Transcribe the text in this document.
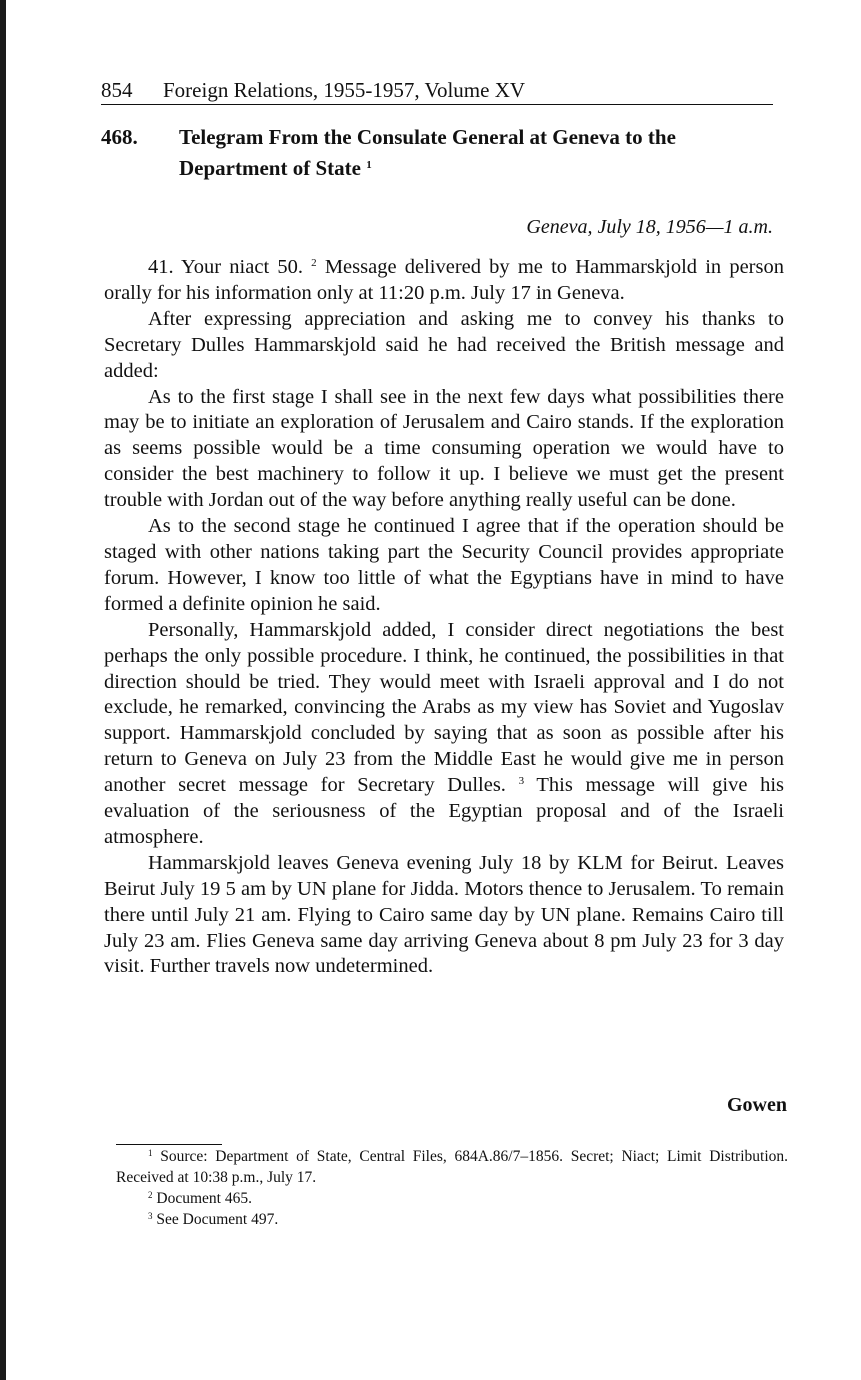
854 Foreign Relations, 1955-1957, Volume XV
468. Telegram From the Consulate General at Geneva to the Department of State $^1$
Geneva, July 18, 1956—1 a.m.

41. Your niact 50. $^2$ Message delivered by me to Hammarskjold in person orally for his information only at 11:20 p.m. July 17 in Geneva.

After expressing appreciation and asking me to convey his thanks to Secretary Dulles Hammarskjold said he had received the British message and added:

As to the first stage I shall see in the next few days what possibilities there may be to initiate an exploration of Jerusalem and Cairo stands. If the exploration as seems possible would be a time consuming operation we would have to consider the best machinery to follow it up. I believe we must get the present trouble with Jordan out of the way before anything really useful can be done.

As to the second stage he continued I agree that if the operation should be staged with other nations taking part the Security Council provides appropriate forum. However, I know too little of what the Egyptians have in mind to have formed a definite opinion he said.

Personally, Hammarskjold added, I consider direct negotiations the best perhaps the only possible procedure. I think, he continued, the possibilities in that direction should be tried. They would meet with Israeli approval and I do not exclude, he remarked, convincing the Arabs as my view has Soviet and Yugoslav support. Hammarskjold concluded by saying that as soon as possible after his return to Geneva on July 23 from the Middle East he would give me in person another secret message for Secretary Dulles. $^3$ This message will give his evaluation of the seriousness of the Egyptian proposal and of the Israeli atmosphere.

Hammarskjold leaves Geneva evening July 18 by KLM for Beirut. Leaves Beirut July 19 5 am by UN plane for Jidda. Motors thence to Jerusalem. To remain there until July 21 am. Flying to Cairo same day by UN plane. Remains Cairo till July 23 am. Flies Geneva same day arriving Geneva about 8 pm July 23 for 3 day visit. Further travels now undetermined.

Gowen

$^1$ Source: Department of State, Central Files, 684A.86/7–1856. Secret; Niact; Limit Distribution. Received at 10:38 p.m., July 17.

$^2$ Document 465.

$^3$ See Document 497.
